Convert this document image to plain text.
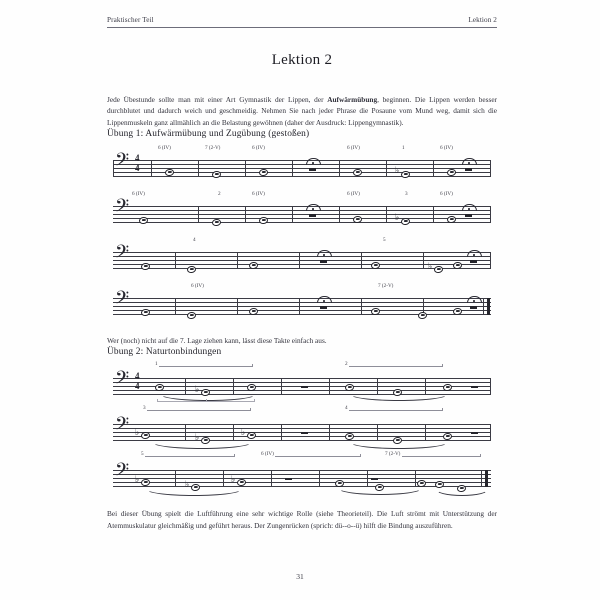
Praktischer Teil	Lektion 2
Lektion 2

Jede Übestunde sollte man mit einer Art Gymnastik der Lippen, der Aufwärmübung, beginnen. Die Lippen werden besser durchblutet und dadurch weich und geschmeidig. Nehmen Sie nach jeder Phrase die Posaune vom Mund weg, damit sich die Lippenmuskeln ganz allmählich an die Belastung gewöhnen (daher der Ausdruck: Lippengymnastik).

Übung 1: Aufwärmübung und Zugübung (gestoßen)
𝄢 4
4	♭
6 (IV)	7 (2-V)	6 (IV)	6 (IV)	1	6 (IV)
𝄢	♭
6 (IV)	2	6 (IV)	6 (IV)	3	6 (IV)
𝄢	♭
4	5
𝄢
6 (IV)	7 (2-V)

Wer (noch) nicht auf die 7. Lage ziehen kann, lässt diese Takte einfach aus.

Übung 2: Naturtonbindungen
𝄢 4
4	♭
1	2
𝄢 ♭	♭	♭
3	4
𝄢 ♭	♭	♭
5	6 (IV)	7 (2-V)

Bei dieser Übung spielt die Luftführung eine sehr wichtige Rolle (siehe Theorieteil). Die Luft strömt mit Unterstützung der Atemmuskulatur gleichmäßig und geführt heraus. Der Zungenrücken (sprich: dü--o--ü) hilft die Bindung auszuführen.

31
